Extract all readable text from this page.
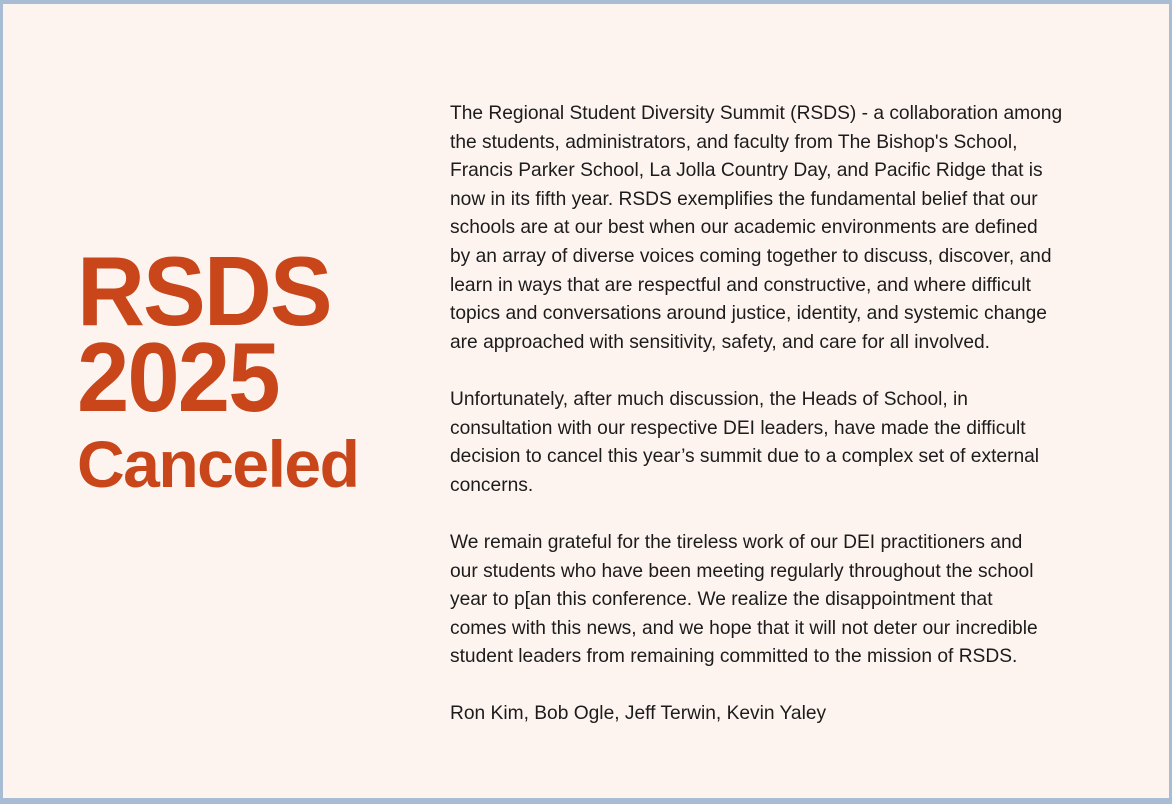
RSDS
2025
Canceled

The Regional Student Diversity Summit (RSDS) - a collaboration among
the students, administrators, and faculty from The Bishop's School,
Francis Parker School, La Jolla Country Day, and Pacific Ridge that is
now in its fifth year. RSDS exemplifies the fundamental belief that our
schools are at our best when our academic environments are defined
by an array of diverse voices coming together to discuss, discover, and
learn in ways that are respectful and constructive, and where difficult
topics and conversations around justice, identity, and systemic change
are approached with sensitivity, safety, and care for all involved.

Unfortunately, after much discussion, the Heads of School, in
consultation with our respective DEI leaders, have made the difficult
decision to cancel this year’s summit due to a complex set of external
concerns.

We remain grateful for the tireless work of our DEI practitioners and
our students who have been meeting regularly throughout the school
year to p[an this conference. We realize the disappointment that
comes with this news, and we hope that it will not deter our incredible
student leaders from remaining committed to the mission of RSDS.

Ron Kim, Bob Ogle, Jeff Terwin, Kevin Yaley
